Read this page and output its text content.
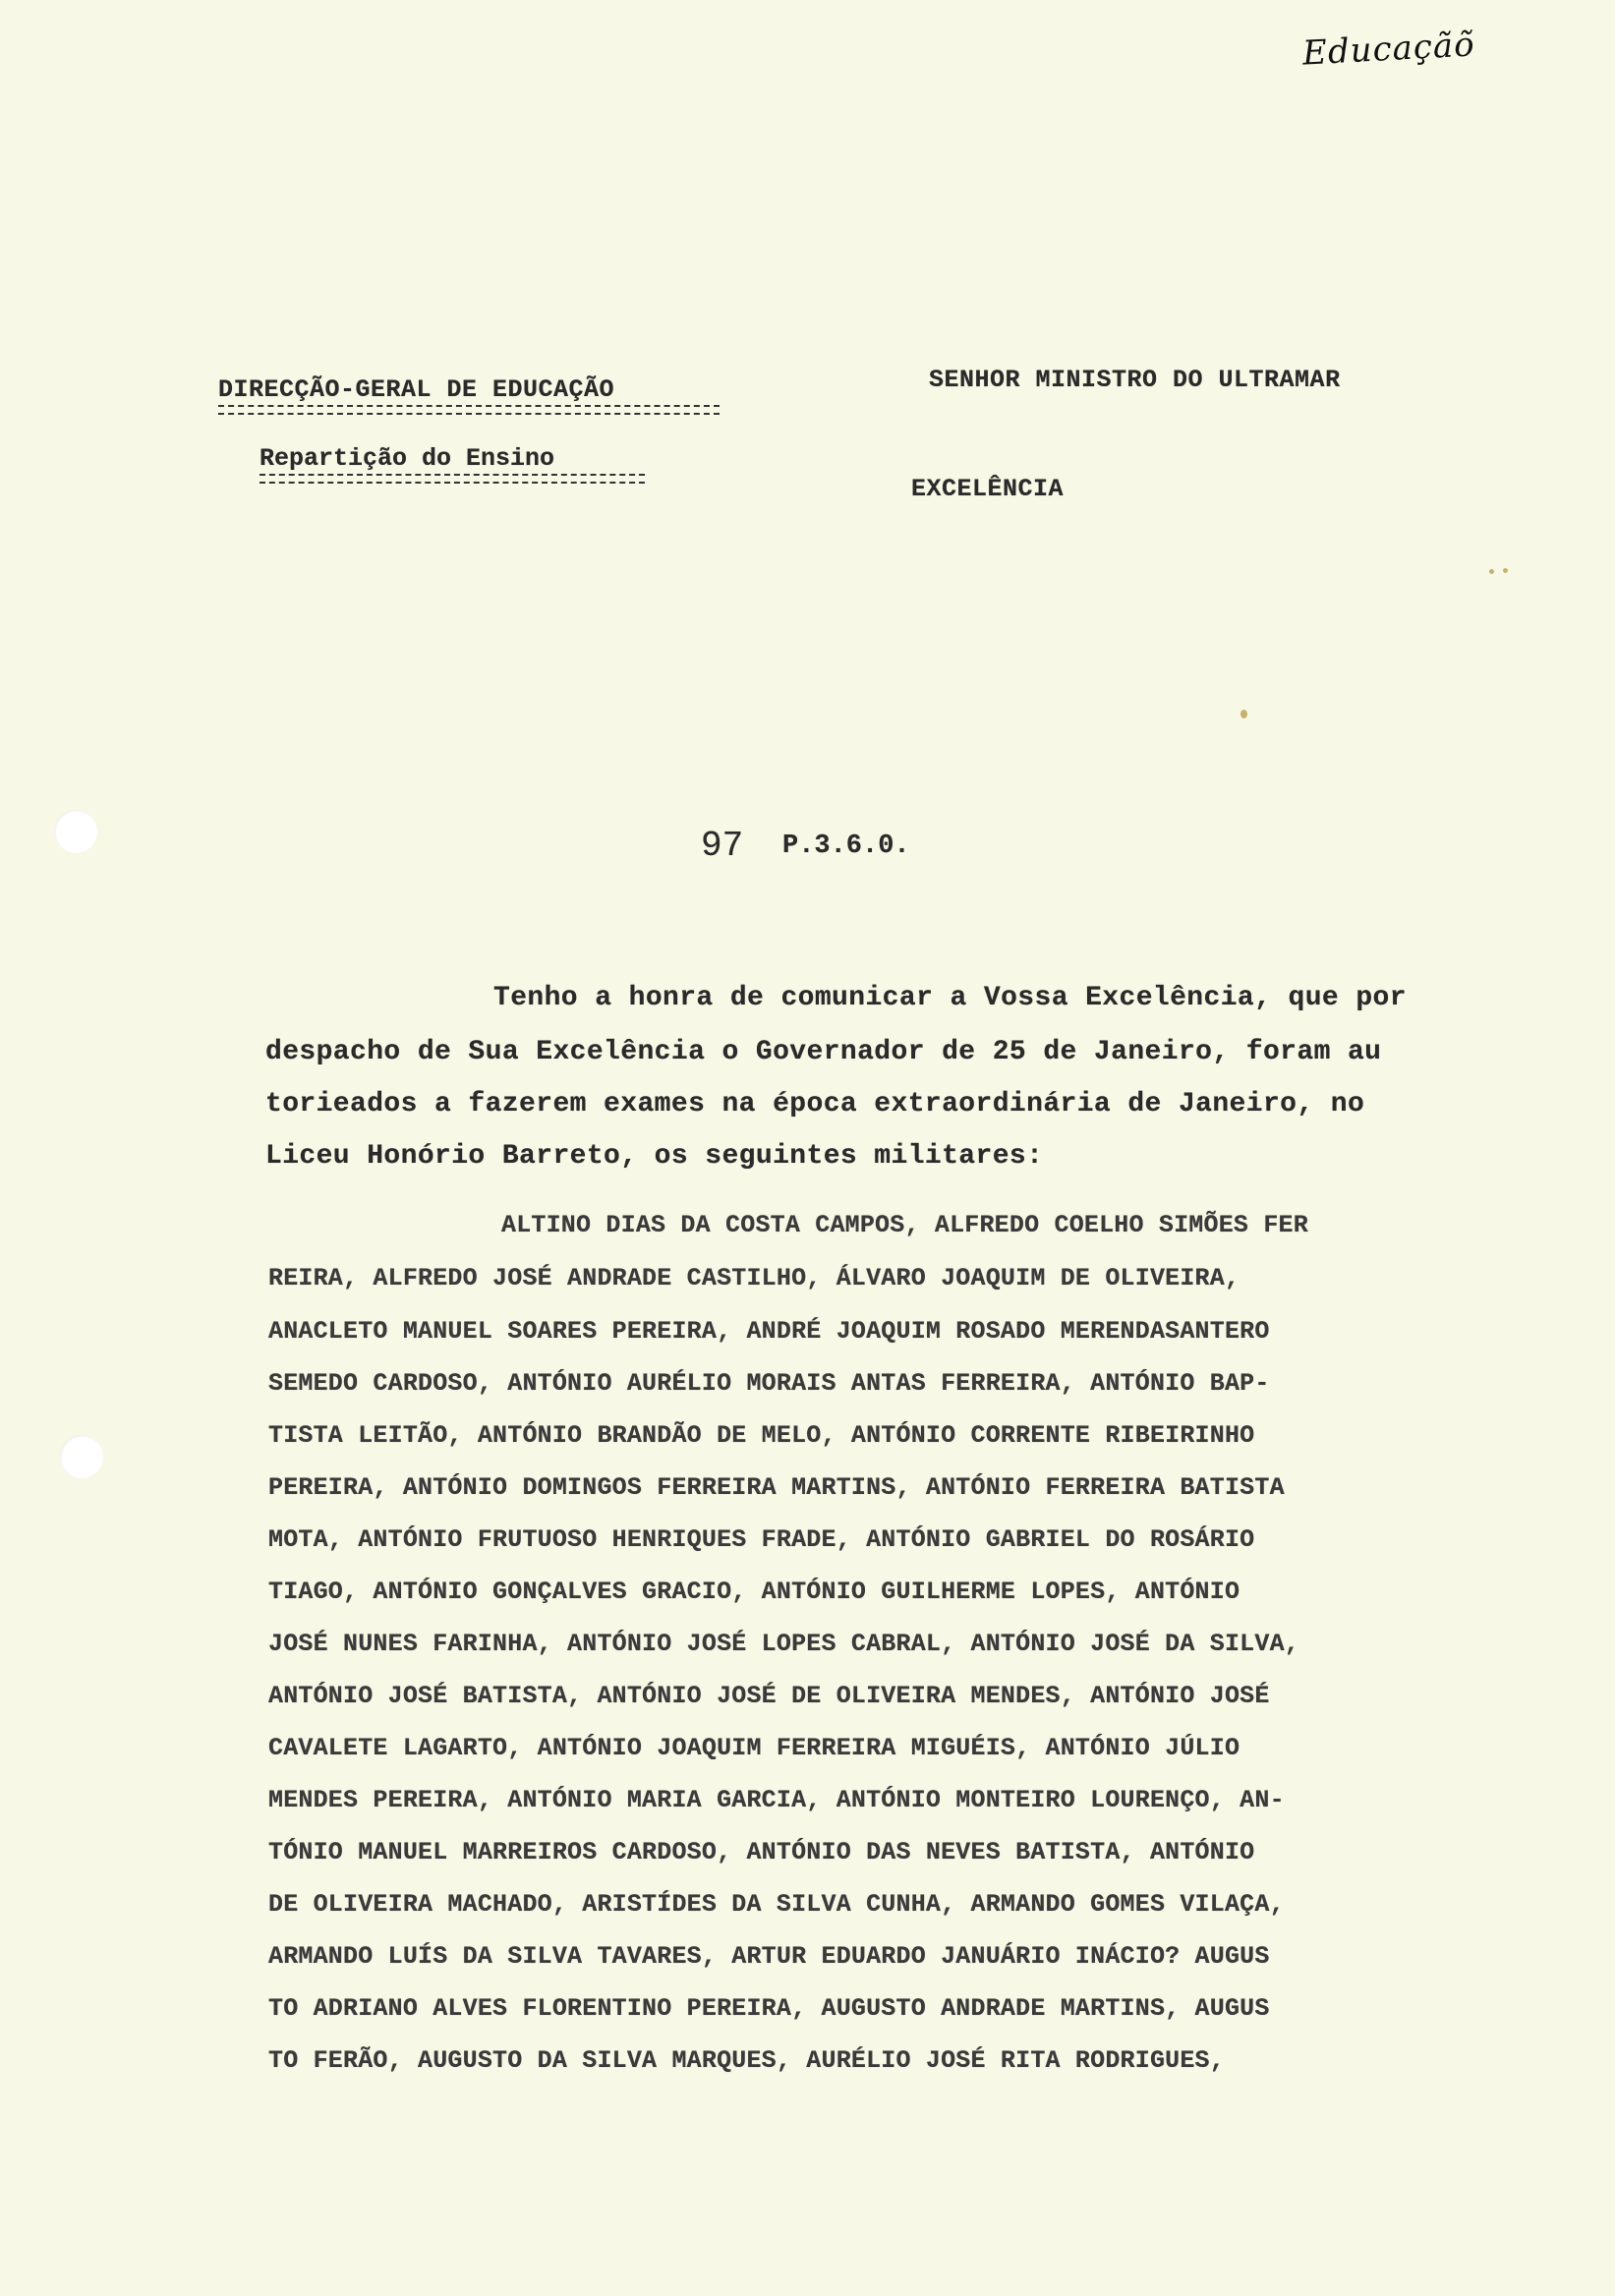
Educaçãõ
DIRECÇÃO-GERAL DE EDUCAÇÃO
Repartição do Ensino
SENHOR MINISTRO DO ULTRAMAR
EXCELÊNCIA
97 P.3.6.0.
Tenho a honra de comunicar a Vossa Excelência, que por
despacho de Sua Excelência o Governador de 25 de Janeiro, foram au
torieados a fazerem exames na época extraordinária de Janeiro, no
Liceu Honório Barreto, os seguintes militares:
ALTINO DIAS DA COSTA CAMPOS, ALFREDO COELHO SIMÕES FER
REIRA, ALFREDO JOSÉ ANDRADE CASTILHO, ÁLVARO JOAQUIM DE OLIVEIRA,
ANACLETO MANUEL SOARES PEREIRA, ANDRÉ JOAQUIM ROSADO MERENDASANTERO
SEMEDO CARDOSO, ANTÓNIO AURÉLIO MORAIS ANTAS FERREIRA, ANTÓNIO BAP-
TISTA LEITÃO, ANTÓNIO BRANDÃO DE MELO, ANTÓNIO CORRENTE RIBEIRINHO
PEREIRA, ANTÓNIO DOMINGOS FERREIRA MARTINS, ANTÓNIO FERREIRA BATISTA
MOTA, ANTÓNIO FRUTUOSO HENRIQUES FRADE, ANTÓNIO GABRIEL DO ROSÁRIO
TIAGO, ANTÓNIO GONÇALVES GRACIO, ANTÓNIO GUILHERME LOPES, ANTÓNIO
JOSÉ NUNES FARINHA, ANTÓNIO JOSÉ LOPES CABRAL, ANTÓNIO JOSÉ DA SILVA,
ANTÓNIO JOSÉ BATISTA, ANTÓNIO JOSÉ DE OLIVEIRA MENDES, ANTÓNIO JOSÉ
CAVALETE LAGARTO, ANTÓNIO JOAQUIM FERREIRA MIGUÉIS, ANTÓNIO JÚLIO
MENDES PEREIRA, ANTÓNIO MARIA GARCIA, ANTÓNIO MONTEIRO LOURENÇO, AN-
TÓNIO MANUEL MARREIROS CARDOSO, ANTÓNIO DAS NEVES BATISTA, ANTÓNIO
DE OLIVEIRA MACHADO, ARISTÍDES DA SILVA CUNHA, ARMANDO GOMES VILAÇA,
ARMANDO LUÍS DA SILVA TAVARES, ARTUR EDUARDO JANUÁRIO INÁCIO? AUGUS
TO ADRIANO ALVES FLORENTINO PEREIRA, AUGUSTO ANDRADE MARTINS, AUGUS
TO FERÃO, AUGUSTO DA SILVA MARQUES, AURÉLIO JOSÉ RITA RODRIGUES,
